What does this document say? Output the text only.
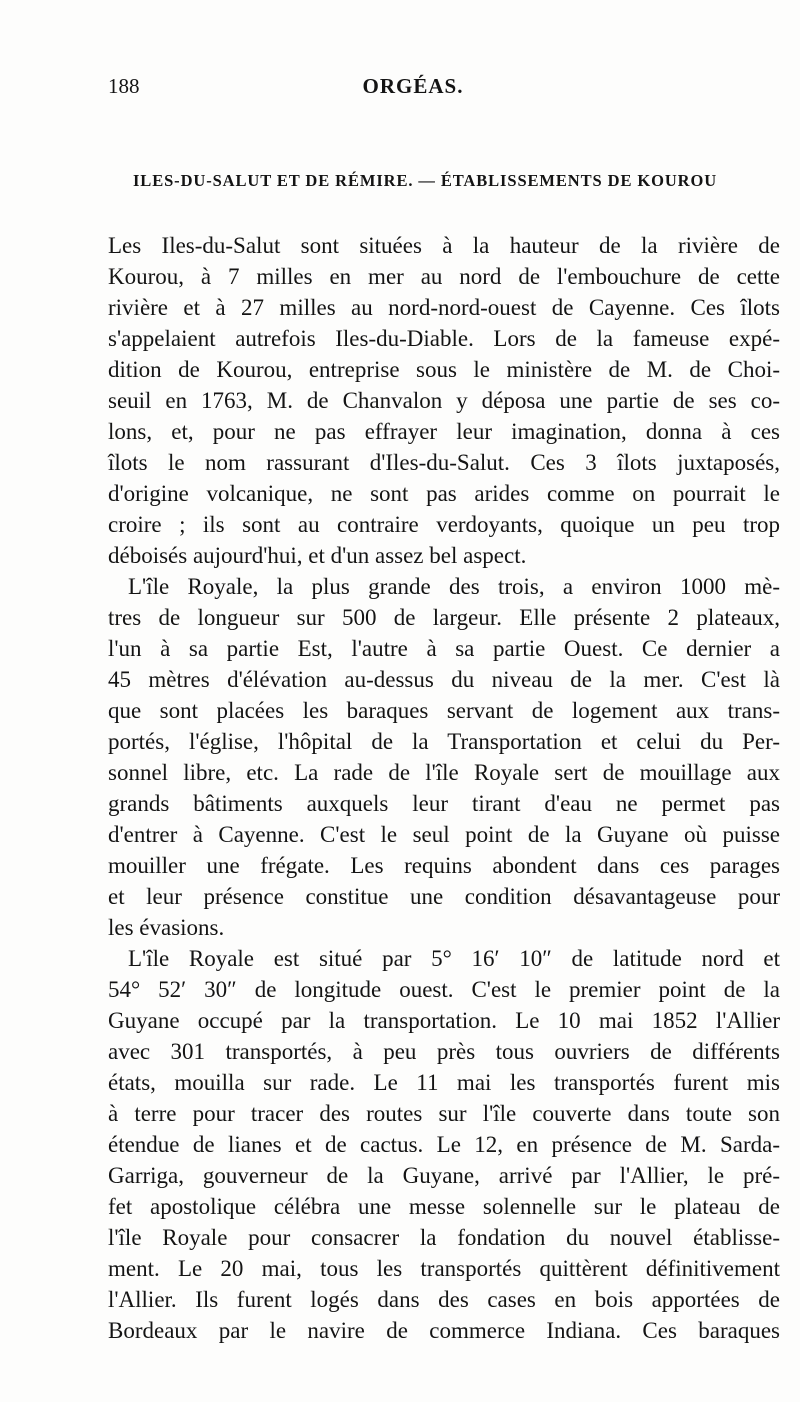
188	ORGÉAS.
ILES-DU-SALUT ET DE RÉMIRE. — ÉTABLISSEMENTS DE KOUROU
Les Iles-du-Salut sont situées à la hauteur de la rivière de
Kourou, à 7 milles en mer au nord de l'embouchure de cette
rivière et à 27 milles au nord-nord-ouest de Cayenne. Ces îlots
s'appelaient autrefois Iles-du-Diable. Lors de la fameuse expé-
dition de Kourou, entreprise sous le ministère de M. de Choi-
seuil en 1763, M. de Chanvalon y déposa une partie de ses co-
lons, et, pour ne pas effrayer leur imagination, donna à ces
îlots le nom rassurant d'Iles-du-Salut. Ces 3 îlots juxtaposés,
d'origine volcanique, ne sont pas arides comme on pourrait le
croire ; ils sont au contraire verdoyants, quoique un peu trop
déboisés aujourd'hui, et d'un assez bel aspect.
L'île Royale, la plus grande des trois, a environ 1000 mè-
tres de longueur sur 500 de largeur. Elle présente 2 plateaux,
l'un à sa partie Est, l'autre à sa partie Ouest. Ce dernier a
45 mètres d'élévation au-dessus du niveau de la mer. C'est là
que sont placées les baraques servant de logement aux trans-
portés, l'église, l'hôpital de la Transportation et celui du Per-
sonnel libre, etc. La rade de l'île Royale sert de mouillage aux
grands bâtiments auxquels leur tirant d'eau ne permet pas
d'entrer à Cayenne. C'est le seul point de la Guyane où puisse
mouiller une frégate. Les requins abondent dans ces parages
et leur présence constitue une condition désavantageuse pour
les évasions.
L'île Royale est situé par 5° 16′ 10″ de latitude nord et
54° 52′ 30″ de longitude ouest. C'est le premier point de la
Guyane occupé par la transportation. Le 10 mai 1852 l'Allier
avec 301 transportés, à peu près tous ouvriers de différents
états, mouilla sur rade. Le 11 mai les transportés furent mis
à terre pour tracer des routes sur l'île couverte dans toute son
étendue de lianes et de cactus. Le 12, en présence de M. Sarda-
Garriga, gouverneur de la Guyane, arrivé par l'Allier, le pré-
fet apostolique célébra une messe solennelle sur le plateau de
l'île Royale pour consacrer la fondation du nouvel établisse-
ment. Le 20 mai, tous les transportés quittèrent définitivement
l'Allier. Ils furent logés dans des cases en bois apportées de
Bordeaux par le navire de commerce Indiana. Ces baraques
